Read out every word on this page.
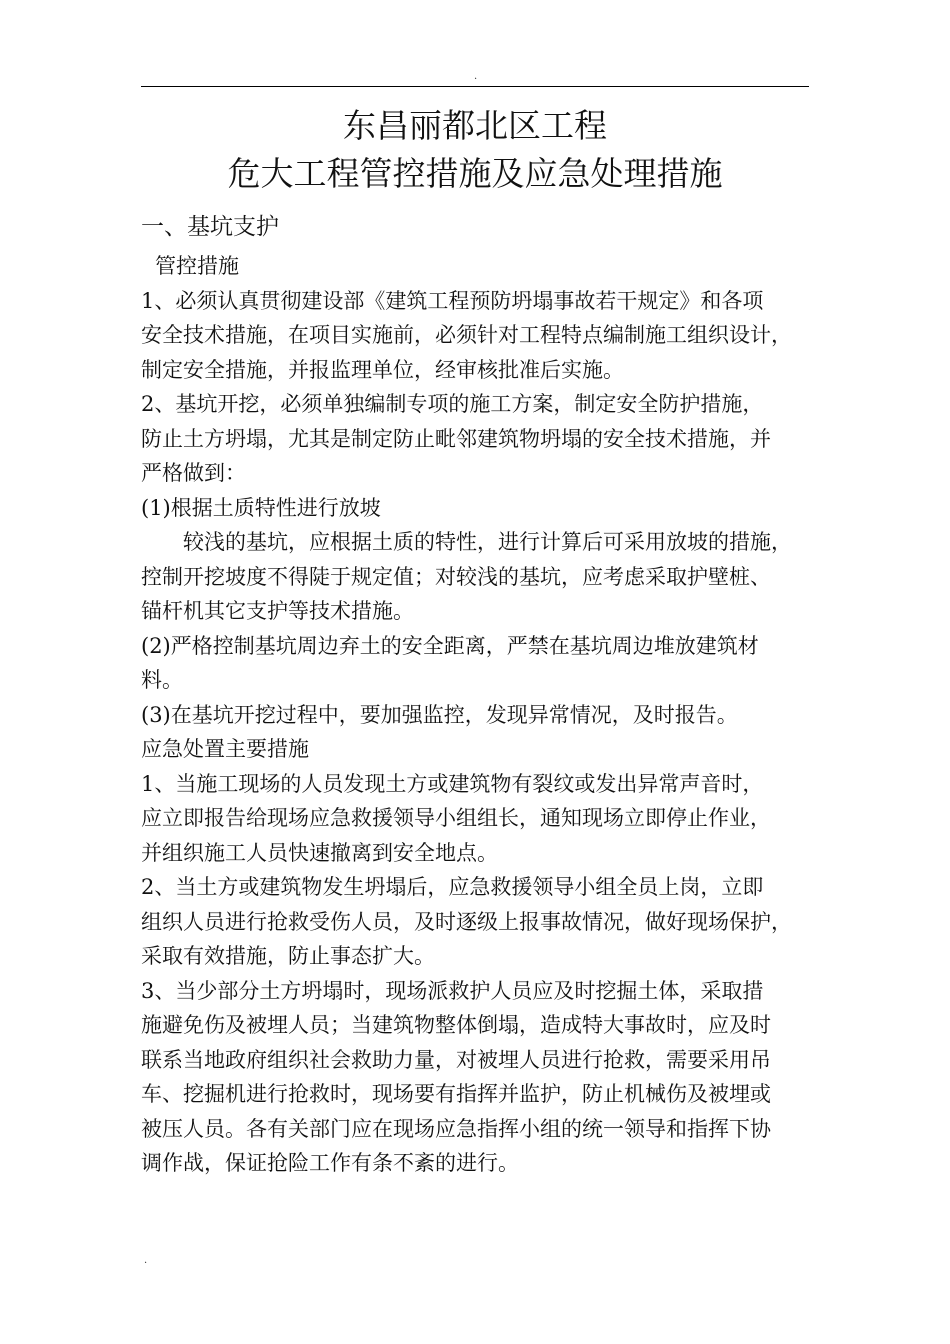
.
东昌丽都北区工程
危大工程管控措施及应急处理措施

一、基坑支护

管控措施

1、必须认真贯彻建设部《建筑工程预防坍塌事故若干规定》和各项

安全技术措施，在项目实施前，必须针对工程特点编制施工组织设计，

制定安全措施，并报监理单位，经审核批准后实施。

2、基坑开挖，必须单独编制专项的施工方案，制定安全防护措施，

防止土方坍塌，尤其是制定防止毗邻建筑物坍塌的安全技术措施，并

严格做到：

(1)根据土质特性进行放坡

较浅的基坑，应根据土质的特性，进行计算后可采用放坡的措施，

控制开挖坡度不得陡于规定值；对较浅的基坑，应考虑采取护壁桩、

锚杆机其它支护等技术措施。

(2)严格控制基坑周边弃土的安全距离，严禁在基坑周边堆放建筑材

料。

(3)在基坑开挖过程中，要加强监控，发现异常情况，及时报告。

应急处置主要措施

1、当施工现场的人员发现土方或建筑物有裂纹或发出异常声音时，

应立即报告给现场应急救援领导小组组长，通知现场立即停止作业，

并组织施工人员快速撤离到安全地点。

2、当土方或建筑物发生坍塌后，应急救援领导小组全员上岗，立即

组织人员进行抢救受伤人员，及时逐级上报事故情况，做好现场保护，

采取有效措施，防止事态扩大。

3、当少部分土方坍塌时，现场派救护人员应及时挖掘土体，采取措

施避免伤及被埋人员；当建筑物整体倒塌，造成特大事故时，应及时

联系当地政府组织社会救助力量，对被埋人员进行抢救，需要采用吊

车、挖掘机进行抢救时，现场要有指挥并监护，防止机械伤及被埋或

被压人员。各有关部门应在现场应急指挥小组的统一领导和指挥下协

调作战，保证抢险工作有条不紊的进行。

.
